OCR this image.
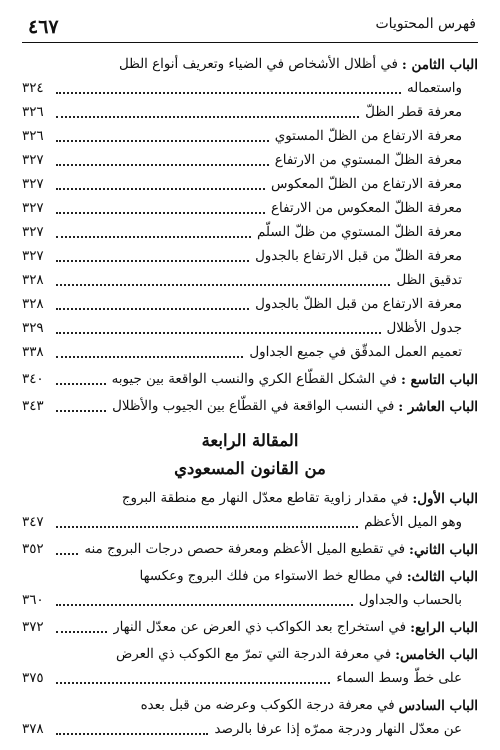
٤٦٧	فهرس المحتويات
الباب الثامن :
في أظلال الأشخاص في الضياء وتعريف أنواع الظل
واستعماله
٣٢٤
معرفة قطر الظلّ
٣٢٦
معرفة الارتفاع من الظلّ المستوي
٣٢٦
معرفة الظلّ المستوي من الارتفاع
٣٢٧
معرفة الارتفاع من الظلّ المعكوس
٣٢٧
معرفة الظلّ المعكوس من الارتفاع
٣٢٧
معرفة الظلّ المستوي من ظلّ السلّم
٣٢٧
معرفة الظلّ من قبل الارتفاع بالجدول
٣٢٧
تدقيق الظل
٣٢٨
معرفة الارتفاع من قبل الظلّ بالجدول
٣٢٨
جدول الأظلال
٣٢٩
تعميم العمل المدقّق في جميع الجداول
٣٣٨
الباب التاسع :
في الشكل القطّاع الكري والنسب الواقعة بين جيوبه
٣٤٠
الباب العاشر :
في النسب الواقعة في القطّاع بين الجيوب والأظلال
٣٤٣
المقالة الرابعة
من القانون المسعودي
الباب الأول:
في مقدار زاوية تقاطع معدّل النهار مع منطقة البروج
وهو الميل الأعظم
٣٤٧
الباب الثاني:
في تقطيع الميل الأعظم ومعرفة حصص درجات البروج منه
٣٥٢
الباب الثالث:
في مطالع خط الاستواء من فلك البروج وعكسها
بالحساب والجداول
٣٦٠
الباب الرابع:
في استخراج بعد الكواكب ذي العرض عن معدّل النهار
٣٧٢
الباب الخامس:
في معرفة الدرجة التي تمرّ مع الكوكب ذي العرض
على خطّ وسط السماء
٣٧٥
الباب السادس
في معرفة درجة الكوكب وعرضه من قبل بعده
عن معدّل النهار ودرجة ممرّه إذا عرفا بالرصد
٣٧٨
